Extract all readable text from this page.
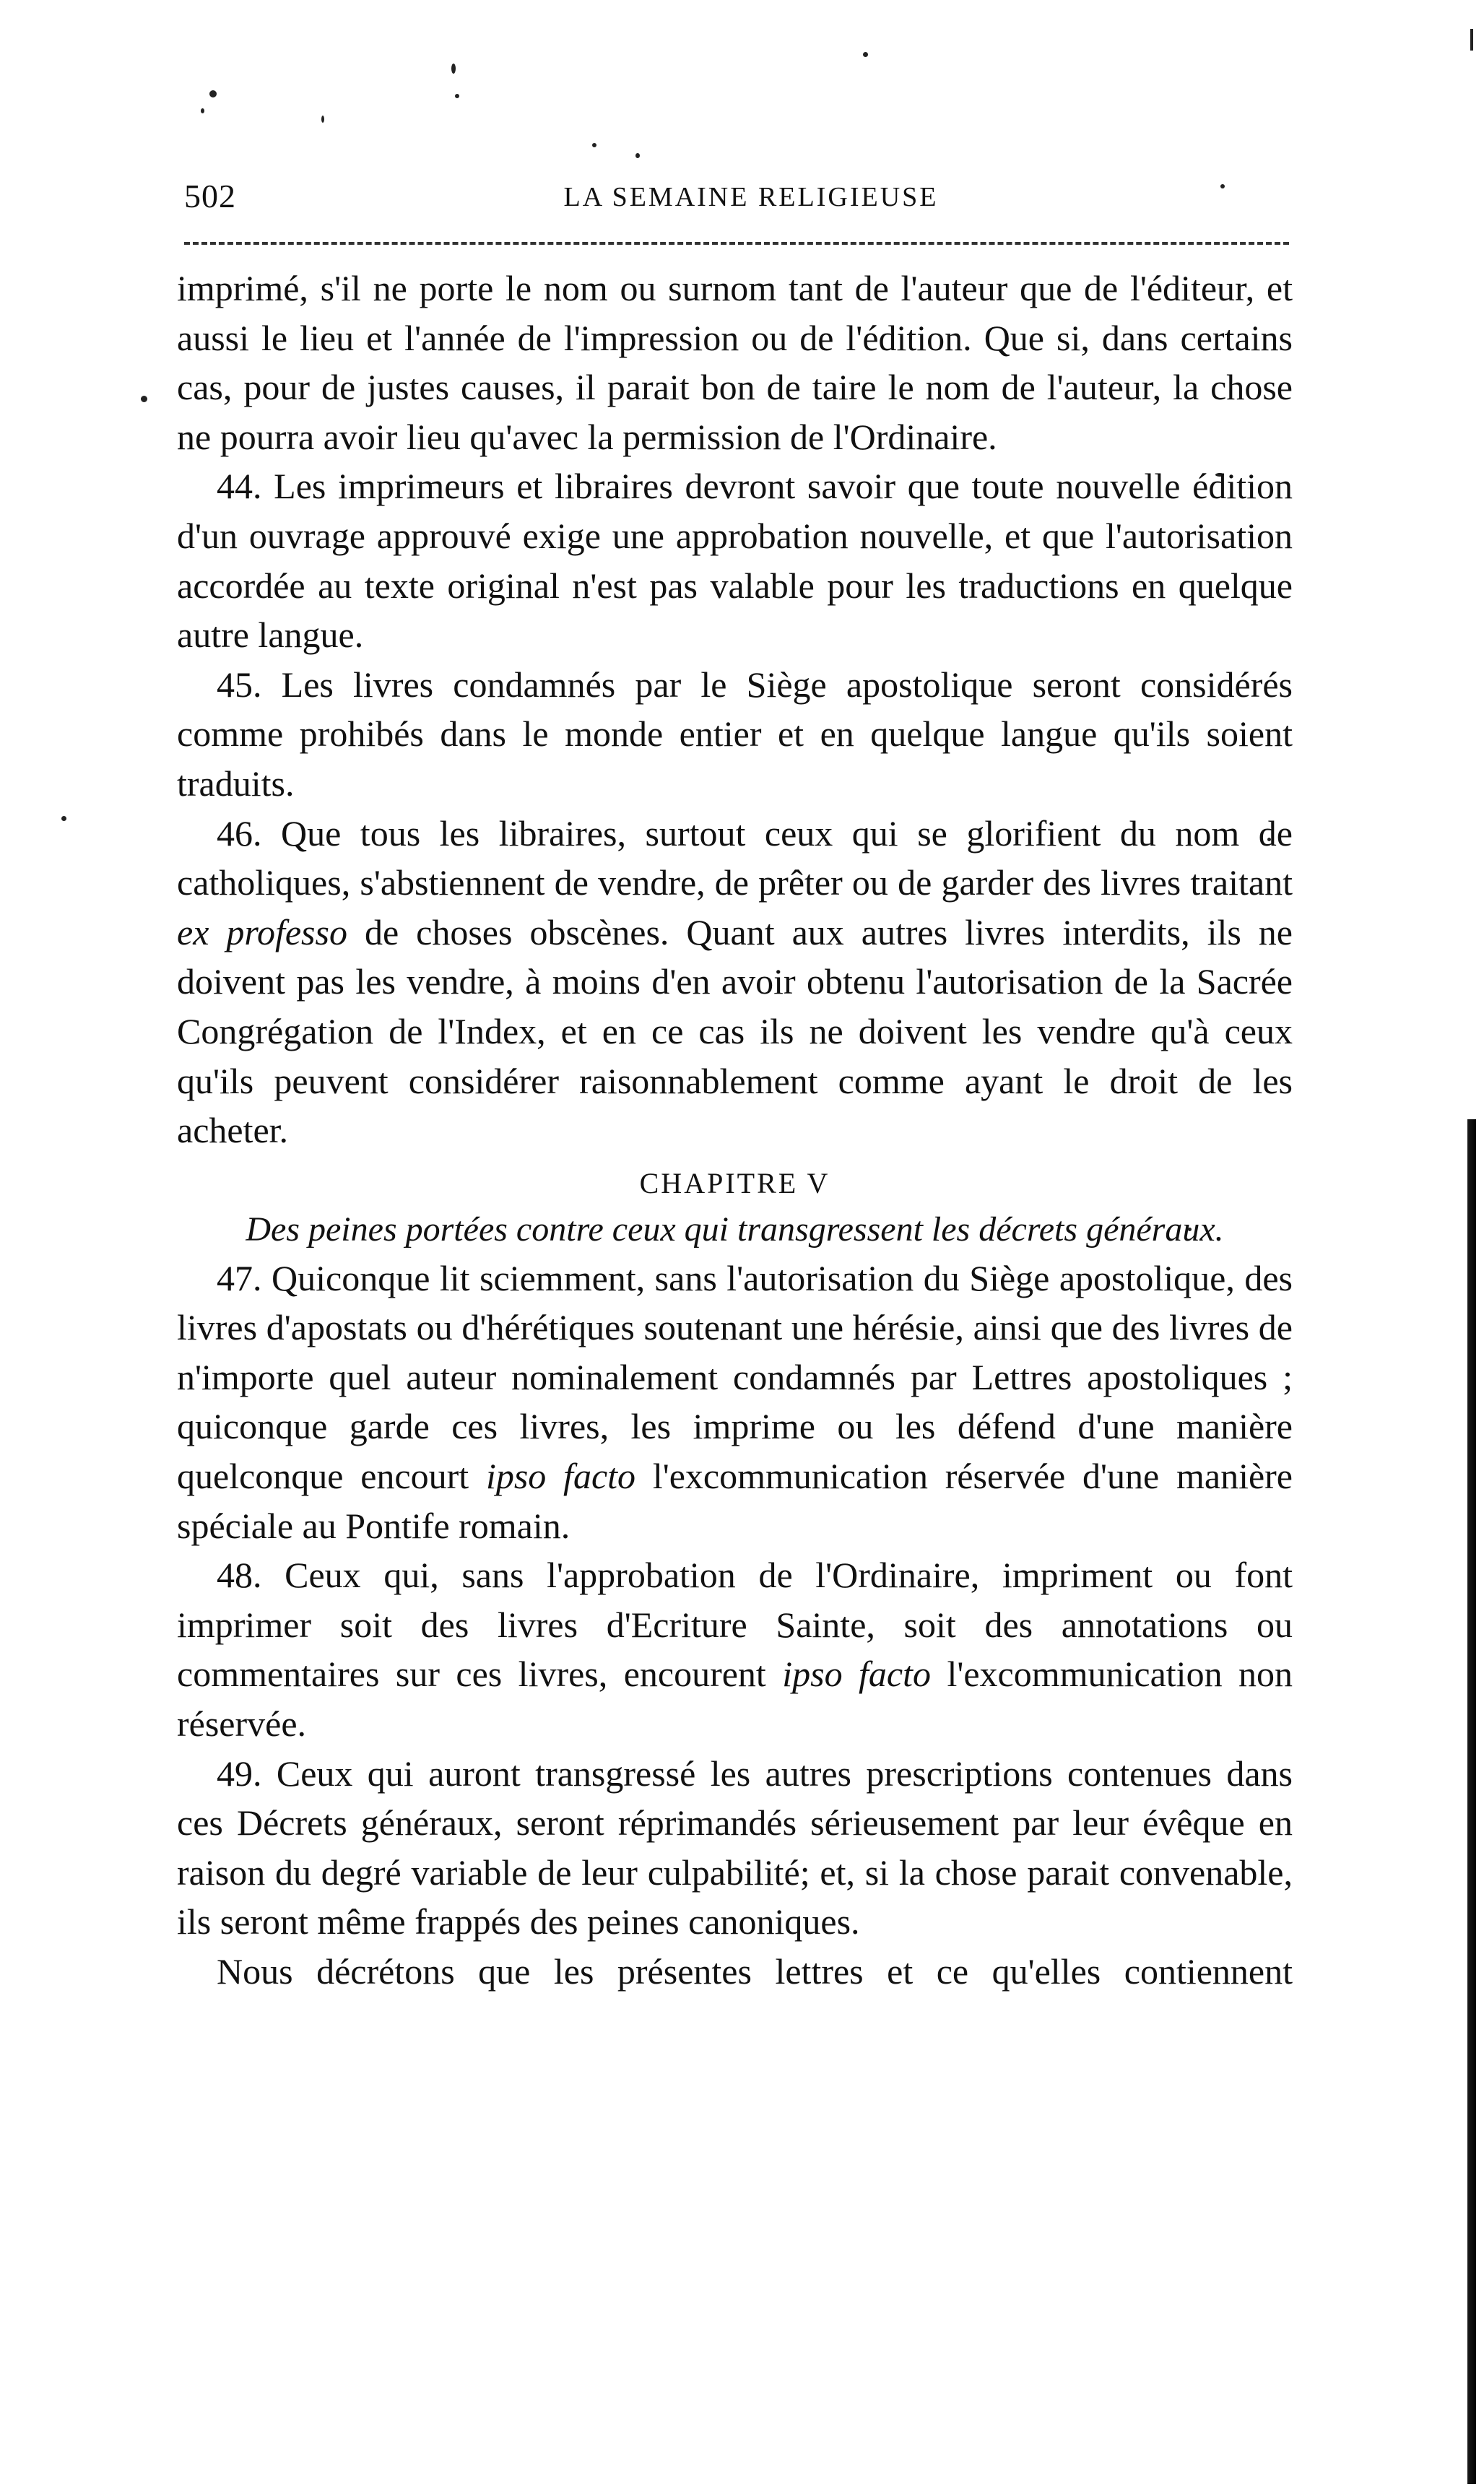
502	LA SEMAINE RELIGIEUSE

imprimé, s'il ne porte le nom ou surnom tant de l'auteur que de l'éditeur, et aussi le lieu et l'année de l'impression ou de l'édition. Que si, dans certains cas, pour de justes causes, il parait bon de taire le nom de l'auteur, la chose ne pourra avoir lieu qu'avec la permission de l'Ordinaire.

44. Les imprimeurs et libraires devront savoir que toute nouvelle édition d'un ouvrage approuvé exige une approbation nouvelle, et que l'autorisation accordée au texte original n'est pas valable pour les traductions en quelque autre langue.

45. Les livres condamnés par le Siège apostolique seront considérés comme prohibés dans le monde entier et en quelque langue qu'ils soient traduits.

46. Que tous les libraires, surtout ceux qui se glorifient du nom de catholiques, s'abstiennent de vendre, de prêter ou de garder des livres traitant ex professo de choses obscènes. Quant aux autres livres interdits, ils ne doivent pas les vendre, à moins d'en avoir obtenu l'autorisation de la Sacrée Congrégation de l'Index, et en ce cas ils ne doivent les vendre qu'à ceux qu'ils peuvent considérer raisonnablement comme ayant le droit de les acheter.

CHAPITRE V
Des peines portées contre ceux qui transgressent les décrets généraux.

47. Quiconque lit sciemment, sans l'autorisation du Siège apostolique, des livres d'apostats ou d'hérétiques soutenant une hérésie, ainsi que des livres de n'importe quel auteur nominalement condamnés par Lettres apostoliques ; quiconque garde ces livres, les imprime ou les défend d'une manière quelconque encourt ipso facto l'excommunication réservée d'une manière spéciale au Pontife romain.

48. Ceux qui, sans l'approbation de l'Ordinaire, impriment ou font imprimer soit des livres d'Ecriture Sainte, soit des annotations ou commentaires sur ces livres, encourent ipso facto l'excommunication non réservée.

49. Ceux qui auront transgressé les autres prescriptions contenues dans ces Décrets généraux, seront réprimandés sérieusement par leur évêque en raison du degré variable de leur culpabilité; et, si la chose parait convenable, ils seront même frappés des peines canoniques.

Nous décrétons que les présentes lettres et ce qu'elles contiennent
